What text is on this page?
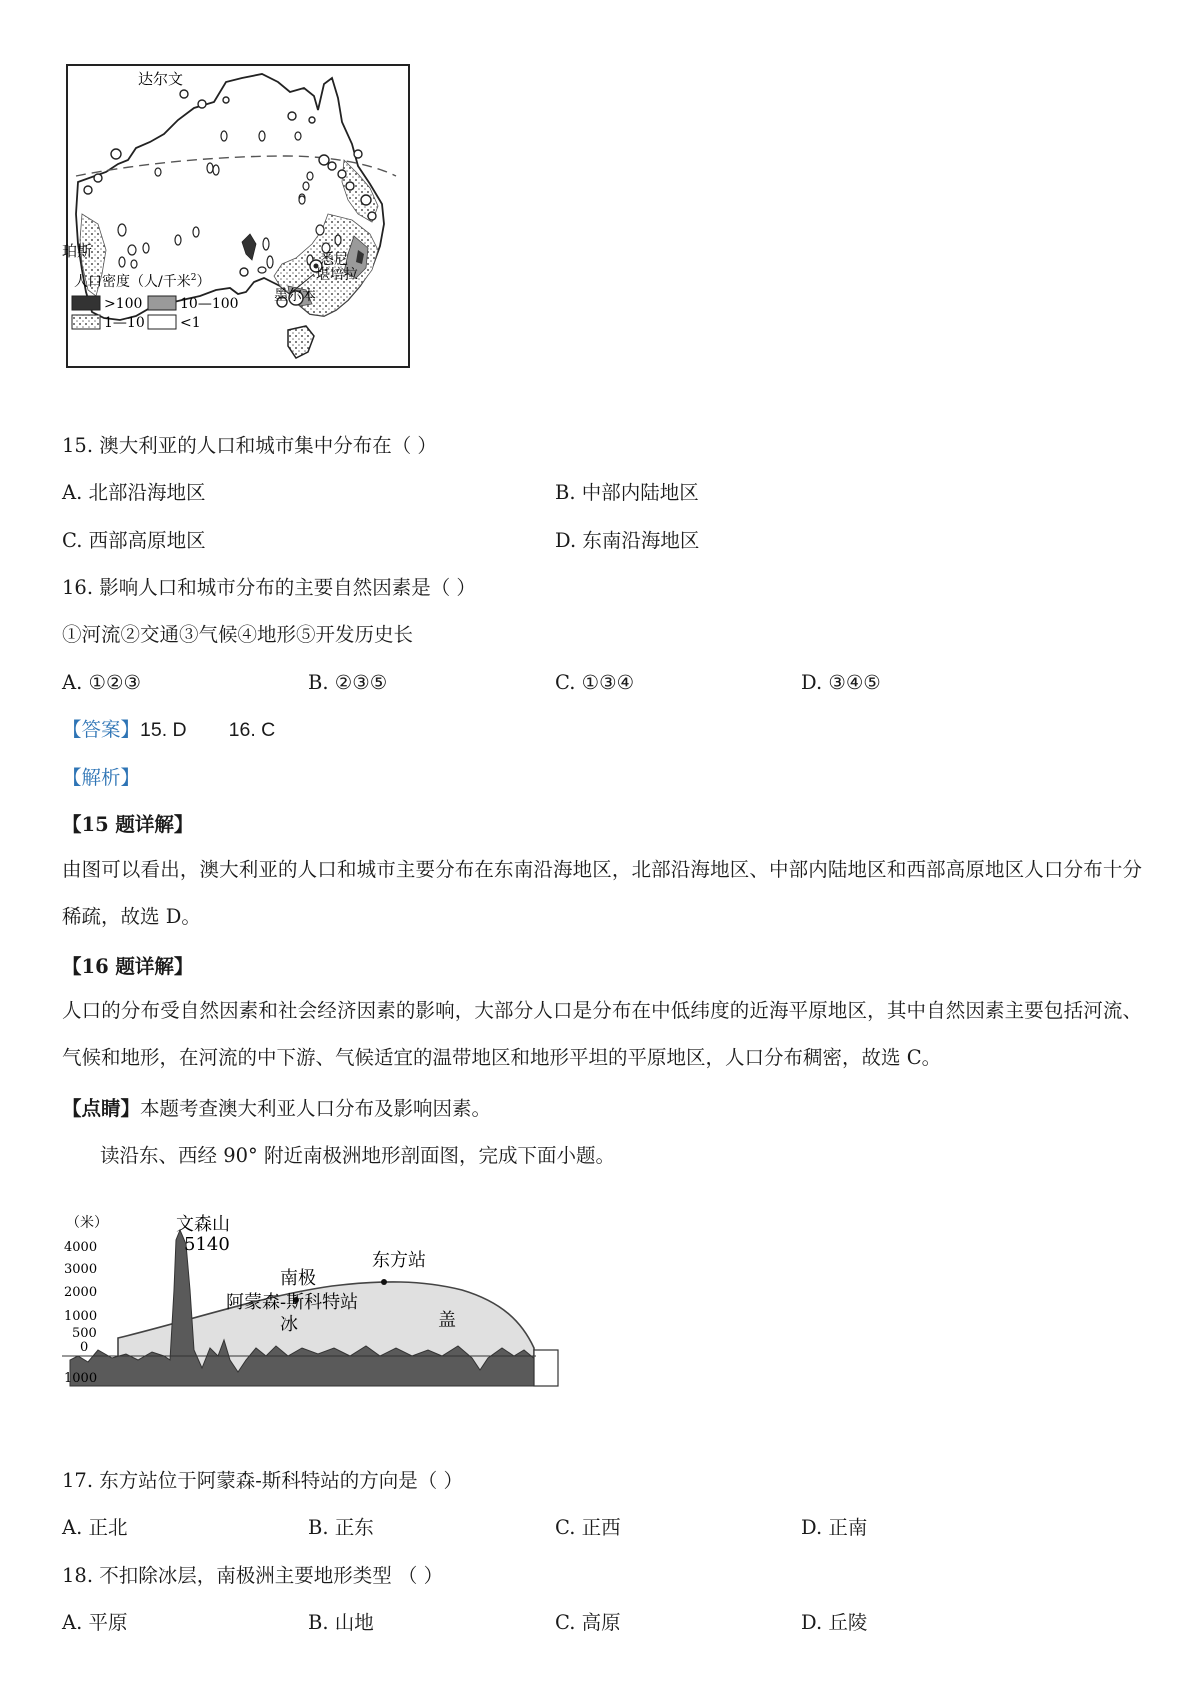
达尔文
珀斯	悉尼
堪培拉
墨尔本
人口密度（人/千米$^2$）
>100	10—100
1—10	<1
15. 澳大利亚的人口和城市集中分布在（ ）
A. 北部沿海地区	B. 中部内陆地区
C. 西部高原地区	D. 东南沿海地区
16. 影响人口和城市分布的主要自然因素是（ ）
①河流②交通③气候④地形⑤开发历史长
A. ①②③	B. ②③⑤	C. ①③④	D. ③④⑤
【答案】15. D 16. C
【解析】
【15 题详解】
由图可以看出，澳大利亚的人口和城市主要分布在东南沿海地区，北部沿海地区、中部内陆地区和西部高原地区人口分布十分稀疏，故选 D。
【16 题详解】
人口的分布受自然因素和社会经济因素的影响，大部分人口是分布在中低纬度的近海平原地区，其中自然因素主要包括河流、气候和地形，在河流的中下游、气候适宜的温带地区和地形平坦的平原地区，人口分布稠密，故选 C。
【点睛】本题考查澳大利亚人口分布及影响因素。
读沿东、西经 90° 附近南极洲地形剖面图，完成下面小题。
（米）
4000
3000
2000
1000
500
0
1000
文森山
5140
南极
阿蒙森-斯科特站
东方站
冰	盖
17. 东方站位于阿蒙森-斯科特站的方向是（ ）
A. 正北	B. 正东	C. 正西	D. 正南
18. 不扣除冰层，南极洲主要地形类型 （ ）
A. 平原	B. 山地	C. 高原	D. 丘陵
